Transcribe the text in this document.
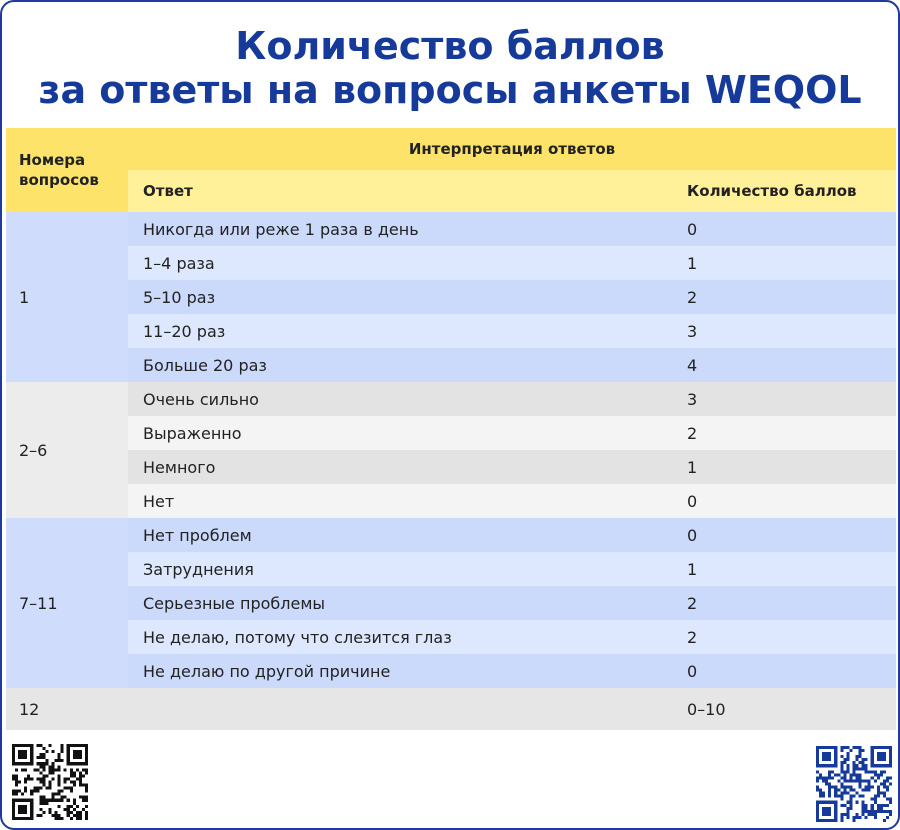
Количество баллов
за ответы на вопросы анкеты WEQOL
Номера вопросов	Интерпретация ответов	
	Ответ	Количество баллов
1	Никогда или реже 1 раза в день	0
	1–4 раза	1
	5–10 раз	2
	11–20 раз	3
	Больше 20 раз	4
2–6	Очень сильно	3
	Выраженно	2
	Немного	1
	Нет	0
7–11	Нет проблем	0
	Затруднения	1
	Серьезные проблемы	2
	Не делаю, потому что слезится глаз	2
	Не делаю по другой причине	0
12		0–10
